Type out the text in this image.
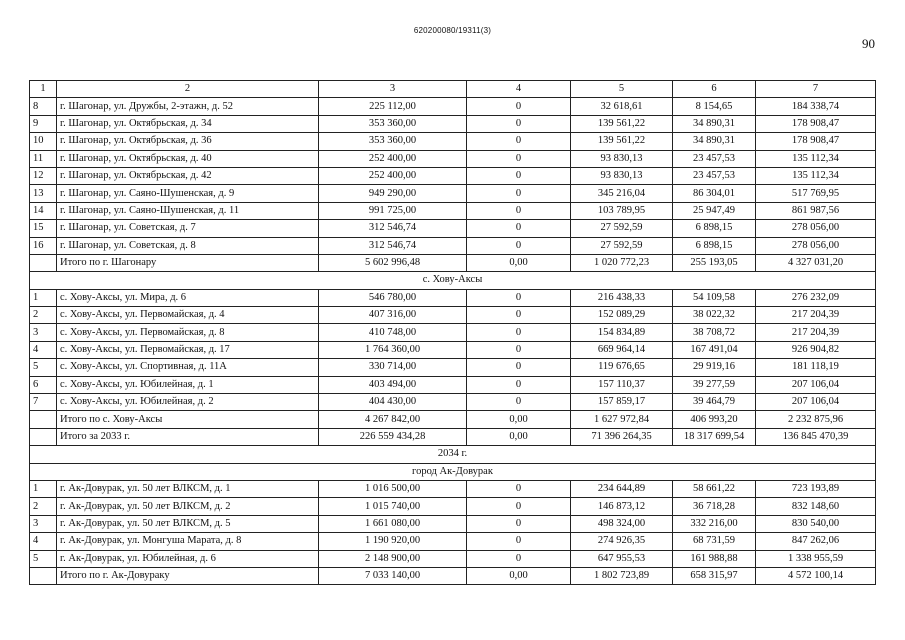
620200080/19311(3)
90
1	2	3	4	5	6	7
8	г. Шагонар, ул. Дружбы, 2-этажн, д. 52	225 112,00	0	32 618,61	8 154,65	184 338,74
9	г. Шагонар, ул. Октябрьская, д. 34	353 360,00	0	139 561,22	34 890,31	178 908,47
10	г. Шагонар, ул. Октябрьская, д. 36	353 360,00	0	139 561,22	34 890,31	178 908,47
11	г. Шагонар, ул. Октябрьская, д. 40	252 400,00	0	93 830,13	23 457,53	135 112,34
12	г. Шагонар, ул. Октябрьская, д. 42	252 400,00	0	93 830,13	23 457,53	135 112,34
13	г. Шагонар, ул. Саяно-Шушенская, д. 9	949 290,00	0	345 216,04	86 304,01	517 769,95
14	г. Шагонар, ул. Саяно-Шушенская, д. 11	991 725,00	0	103 789,95	25 947,49	861 987,56
15	г. Шагонар, ул. Советская, д. 7	312 546,74	0	27 592,59	6 898,15	278 056,00
16	г. Шагонар, ул. Советская, д. 8	312 546,74	0	27 592,59	6 898,15	278 056,00
	Итого по г. Шагонару	5 602 996,48	0,00	1 020 772,23	255 193,05	4 327 031,20
с. Хову-Аксы						
1	с. Хову-Аксы, ул. Мира, д. 6	546 780,00	0	216 438,33	54 109,58	276 232,09
2	с. Хову-Аксы, ул. Первомайская, д. 4	407 316,00	0	152 089,29	38 022,32	217 204,39
3	с. Хову-Аксы, ул. Первомайская, д. 8	410 748,00	0	154 834,89	38 708,72	217 204,39
4	с. Хову-Аксы, ул. Первомайская, д. 17	1 764 360,00	0	669 964,14	167 491,04	926 904,82
5	с. Хову-Аксы, ул. Спортивная, д. 11А	330 714,00	0	119 676,65	29 919,16	181 118,19
6	с. Хову-Аксы, ул. Юбилейная, д. 1	403 494,00	0	157 110,37	39 277,59	207 106,04
7	с. Хову-Аксы, ул. Юбилейная, д. 2	404 430,00	0	157 859,17	39 464,79	207 106,04
	Итого по с. Хову-Аксы	4 267 842,00	0,00	1 627 972,84	406 993,20	2 232 875,96
	Итого за 2033 г.	226 559 434,28	0,00	71 396 264,35	18 317 699,54	136 845 470,39
2034 г.						
город Ак-Довурак						
1	г. Ак-Довурак, ул. 50 лет ВЛКСМ, д. 1	1 016 500,00	0	234 644,89	58 661,22	723 193,89
2	г. Ак-Довурак, ул. 50 лет ВЛКСМ, д. 2	1 015 740,00	0	146 873,12	36 718,28	832 148,60
3	г. Ак-Довурак, ул. 50 лет ВЛКСМ, д. 5	1 661 080,00	0	498 324,00	332 216,00	830 540,00
4	г. Ак-Довурак, ул. Монгуша Марата, д. 8	1 190 920,00	0	274 926,35	68 731,59	847 262,06
5	г. Ак-Довурак, ул. Юбилейная, д. 6	2 148 900,00	0	647 955,53	161 988,88	1 338 955,59
	Итого по г. Ак-Довураку	7 033 140,00	0,00	1 802 723,89	658 315,97	4 572 100,14
